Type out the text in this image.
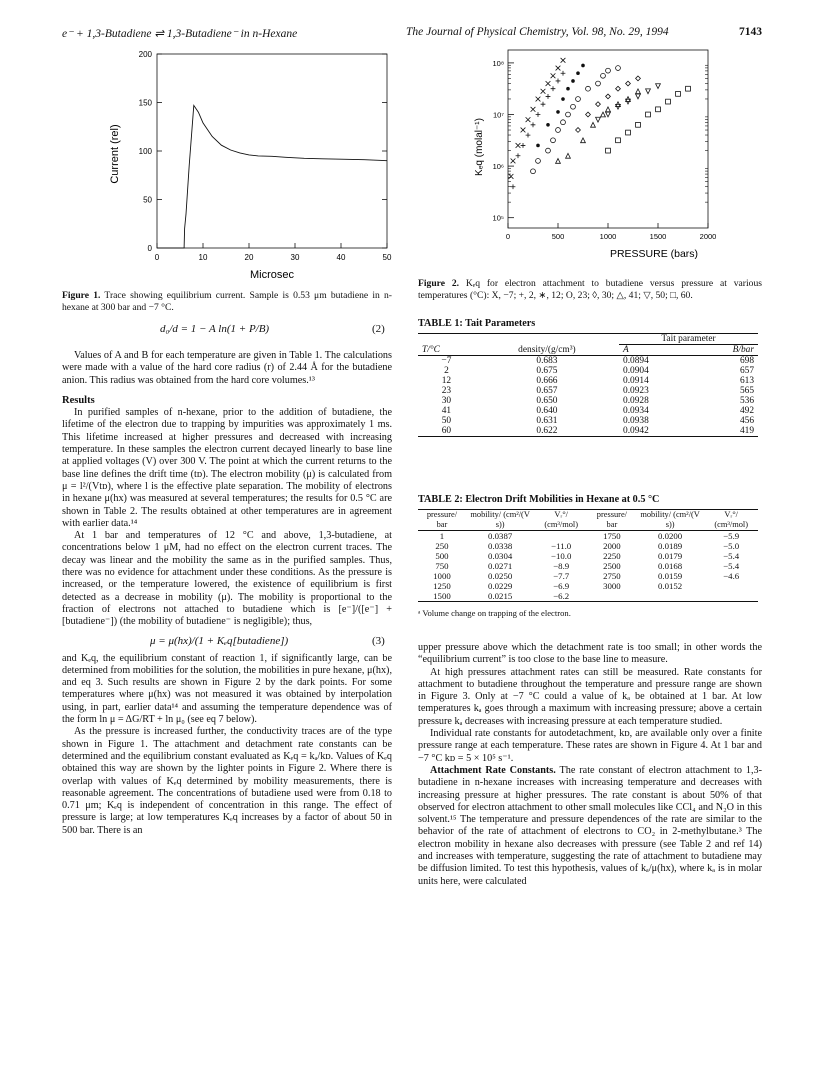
e⁻ + 1,3-Butadiene ⇌ 1,3-Butadiene⁻ in n-Hexane	The Journal of Physical Chemistry, Vol. 98, No. 29, 1994	7143
0
50
100
150
200
0	10	20	30	40	50
Current (rel)
Microsec
Figure 1. Trace showing equilibrium current. Sample is 0.53 μm butadiene in n-hexane at 300 bar and −7 °C.
d₀/d = 1 − A ln(1 + P/B)	(2)

Values of A and B for each temperature are given in Table 1. The calculations were made with a value of the hard core radius (r) of 2.44 Å for the butadiene anion. This radius was obtained from the hard core volumes.¹³

Results

In purified samples of n-hexane, prior to the addition of butadiene, the lifetime of the electron due to trapping by impurities was approximately 1 ms. This lifetime increased at higher pressures and decreased with increasing temperature. In these samples the electron current decayed linearly to base line at applied voltages (V) over 300 V. The point at which the current returns to the base line defines the drift time (tᴅ). The electron mobility (μ) is calculated from μ = l²/(Vtᴅ), where l is the effective plate separation. The mobility of electrons in hexane μ(hx) was measured at several temperatures; the results for 0.5 °C are shown in Table 2. The results obtained at other temperatures are in agreement with earlier data.¹⁴

At 1 bar and temperatures of 12 °C and above, 1,3-butadiene, at concentrations below 1 μM, had no effect on the electron current traces. The decay was linear and the mobility the same as in the purified samples. Thus, there was no evidence for attachment under these conditions. As the pressure is increased, or the temperature lowered, the existence of equilibrium is first detected as a decrease in mobility (μ). The mobility is proportional to the fraction of electrons not attached to butadiene which is [e⁻]/([e⁻] + [butadiene⁻]) (the mobility of butadiene⁻ is negligible); thus,

μ = μ(hx)/(1 + Kₑq[butadiene])	(3)

and Kₑq, the equilibrium constant of reaction 1, if significantly large, can be determined from mobilities for the solution, the mobilities in pure hexane, μ(hx), and eq 3. Such results are shown in Figure 2 by the dark points. For some temperatures where μ(hx) was not measured it was obtained by interpolation using, in part, earlier data¹⁴ and assuming the temperature dependence was of the form ln μ = ΔG/RT + ln μ₀ (see eq 7 below).

As the pressure is increased further, the conductivity traces are of the type shown in Figure 1. The attachment and detachment rate constants can be determined and the equilibrium constant evaluated as Kₑq = kₐ/kᴅ. Values of Kₑq obtained this way are shown by the lighter points in Figure 2. Where there is overlap with values of Kₑq determined by mobility measurements, there is reasonable agreement. The concentrations of butadiene used were from 0.18 to 0.71 μm; Kₑq is independent of concentration in this range. The effect of pressure is large; at low temperatures Kₑq increases by a factor of about 50 in 500 bar. There is an

10⁵
10⁶
10⁷
10⁸
0	500	1000	1500	2000
Kₑq (molal⁻¹)
PRESSURE (bars)
Figure 2. Kₑq for electron attachment to butadiene versus pressure at various temperatures (°C): X, −7; +, 2, ∗, 12; O, 23; ◊, 30; △, 41; ▽, 50; □, 60.
TABLE 1: Tait Parameters
		Tait parameter	
T/°C	density/(g/cm³)	A	B/bar
−7	0.683	0.0894	698
2	0.675	0.0904	657
12	0.666	0.0914	613
23	0.657	0.0923	565
30	0.650	0.0928	536
41	0.640	0.0934	492
50	0.631	0.0938	456
60	0.622	0.0942	419
TABLE 2: Electron Drift Mobilities in Hexane at 0.5 °C
pressure/ bar	mobility/ (cm²/(V s))	Vᵣ°/ (cm³/mol)	pressure/ bar	mobility/ (cm²/(V s))	Vᵣ°/ (cm³/mol)
1	0.0387		1750	0.0200	−5.9
250	0.0338	−11.0	2000	0.0189	−5.0
500	0.0304	−10.0	2250	0.0179	−5.4
750	0.0271	−8.9	2500	0.0168	−5.4
1000	0.0250	−7.7	2750	0.0159	−4.6
1250	0.0229	−6.9	3000	0.0152	
1500	0.0215	−6.2			
ᵃ Volume change on trapping of the electron.

upper pressure above which the detachment rate is too small; in other words the “equilibrium current” is too close to the base line to measure.

At high pressures attachment rates can still be measured. Rate constants for attachment to butadiene throughout the temperature and pressure range are shown in Figure 3. Only at −7 °C could a value of kₐ be obtained at 1 bar. At low temperatures kₐ goes through a maximum with increasing pressure; above a certain pressure kₐ decreases with increasing pressure at each temperature studied.

Individual rate constants for autodetachment, kᴅ, are available only over a finite pressure range at each temperature. These rates are shown in Figure 4. At 1 bar and −7 °C kᴅ = 5 × 10⁵ s⁻¹.

Attachment Rate Constants. The rate constant of electron attachment to 1,3-butadiene in n-hexane increases with increasing temperature and decreases with increasing pressure at higher pressures. The rate constant is about 50% of that observed for electron attachment to other small molecules like CCl₄ and N₂O in this solvent.¹⁵ The temperature and pressure dependences of the rate are similar to the behavior of the rate of attachment of electrons to CO₂ in 2-methylbutane.³ The electron mobility in hexane also decreases with pressure (see Table 2 and ref 14) and increases with temperature, suggesting the rate of attachment to butadiene may be diffusion limited. To test this hypothesis, values of kₐ/μ(hx), where kₐ is in molar units here, were calculated
